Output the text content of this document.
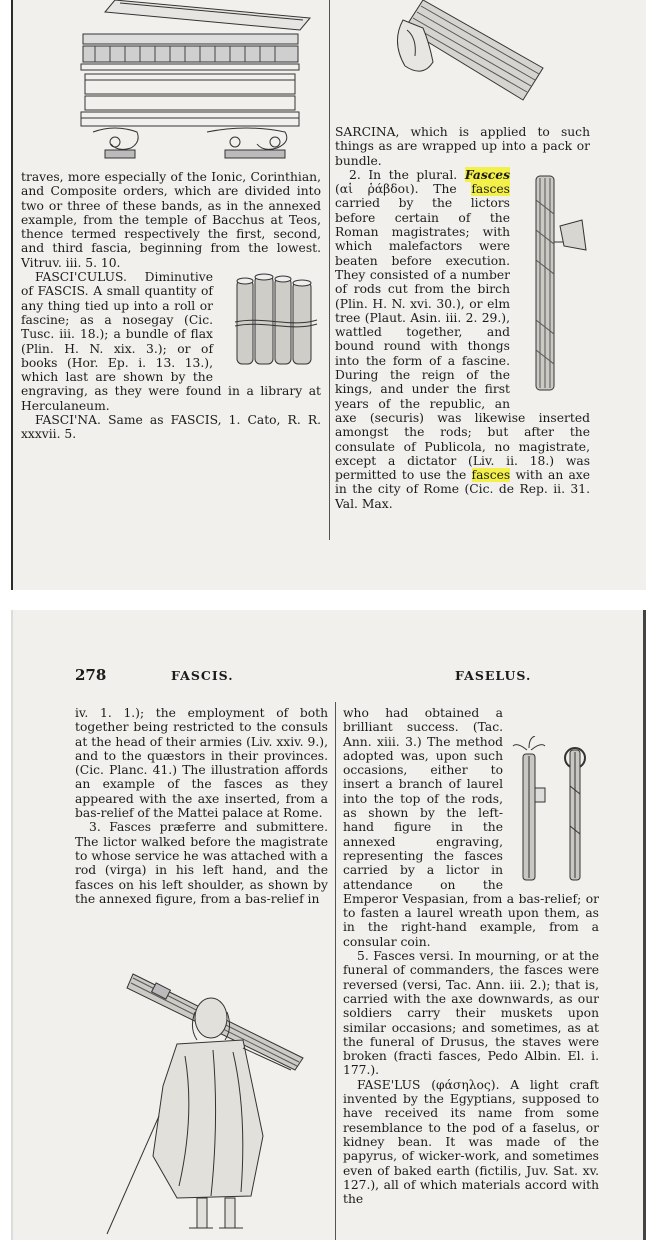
traves, more especially of the Ionic, Corinthian, and Composite orders, which are divided into two or three of these bands, as in the annexed example, from the temple of Bacchus at Teos, thence termed respectively the first, second, and third fascia, beginning from the lowest. Vitruv. iii. 5. 10.

FASCI'CULUS. Diminutive of FASCIS. A small quantity of any thing tied up into a roll or fascine; as a nosegay (Cic. Tusc. iii. 18.); a bundle of flax (Plin. H. N. xix. 3.); or of books (Hor. Ep. i. 13. 13.), which last are shown by the engraving, as they were found in a library at Herculaneum.

FASCI'NA. Same as FASCIS, 1. Cato, R. R. xxxvii. 5.

SARCINA, which is applied to such things as are wrapped up into a pack or bundle.

2. In the plural. Fasces (αἱ ῥάβδοι). The fasces carried by the lictors before certain of the Roman magistrates; with which malefactors were beaten before execution. They consisted of a number of rods cut from the birch (Plin. H. N. xvi. 30.), or elm tree (Plaut. Asin. iii. 2. 29.), wattled together, and bound round with thongs into the form of a fascine. During the reign of the kings, and under the first years of the republic, an axe (securis) was likewise inserted amongst the rods; but after the consulate of Publicola, no magistrate, except a dictator (Liv. ii. 18.) was permitted to use the fasces with an axe in the city of Rome (Cic. de Rep. ii. 31. Val. Max.

278	FASCIS.	FASELUS.

iv. 1. 1.); the employment of both together being restricted to the consuls at the head of their armies (Liv. xxiv. 9.), and to the quæstors in their provinces. (Cic. Planc. 41.) The illustration affords an example of the fasces as they appeared with the axe inserted, from a bas-relief of the Mattei palace at Rome.

3. Fasces præferre and submittere. The lictor walked before the magistrate to whose service he was attached with a rod (virga) in his left hand, and the fasces on his left shoulder, as shown by the annexed figure, from a bas-relief in

who had obtained a brilliant success. (Tac. Ann. xiii. 3.) The method adopted was, upon such occasions, either to insert a branch of laurel into the top of the rods, as shown by the left-hand figure in the annexed engraving, representing the fasces carried by a lictor in attendance on the Emperor Vespasian, from a bas-relief; or to fasten a laurel wreath upon them, as in the right-hand example, from a consular coin.

5. Fasces versi. In mourning, or at the funeral of commanders, the fasces were reversed (versi, Tac. Ann. iii. 2.); that is, carried with the axe downwards, as our soldiers carry their muskets upon similar occasions; and sometimes, as at the funeral of Drusus, the staves were broken (fracti fasces, Pedo Albin. El. i. 177.).

FASE'LUS (φάσηλος). A light craft invented by the Egyptians, supposed to have received its name from some resemblance to the pod of a faselus, or kidney bean. It was made of the papyrus, of wicker-work, and sometimes even of baked earth (fictilis, Juv. Sat. xv. 127.), all of which materials accord with the
